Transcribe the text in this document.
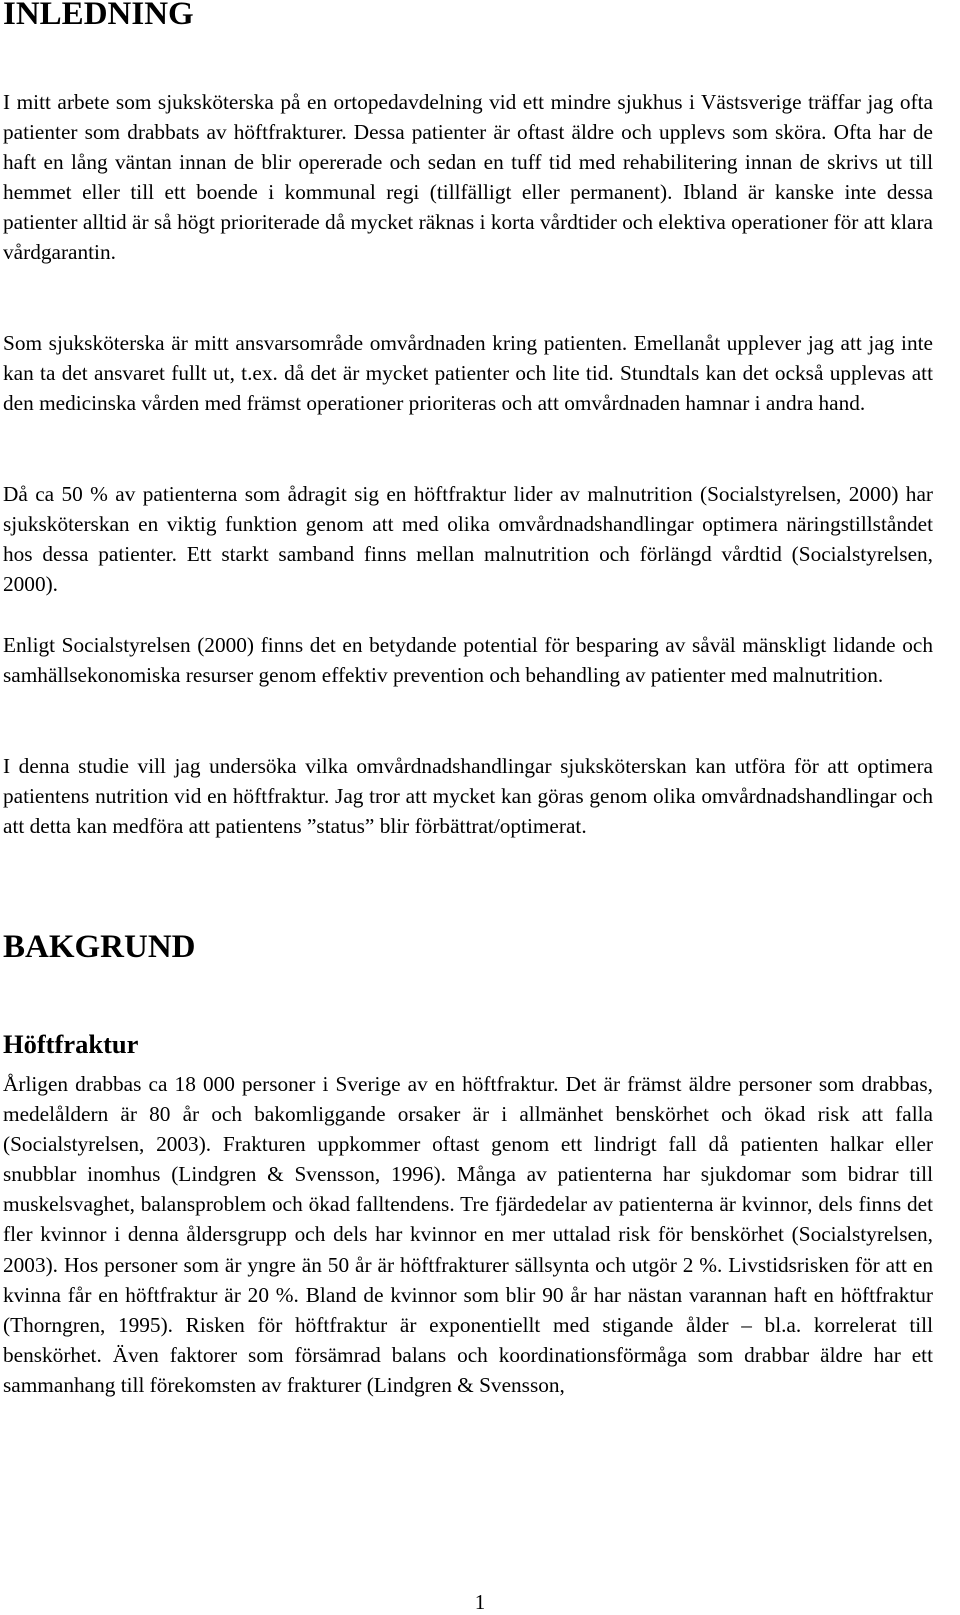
INLEDNING

I mitt arbete som sjuksköterska på en ortopedavdelning vid ett mindre sjukhus i Västsverige träffar jag ofta patienter som drabbats av höftfrakturer. Dessa patienter är oftast äldre och upplevs som sköra. Ofta har de haft en lång väntan innan de blir opererade och sedan en tuff tid med rehabilitering innan de skrivs ut till hemmet eller till ett boende i kommunal regi (tillfälligt eller permanent). Ibland är kanske inte dessa patienter alltid är så högt prioriterade då mycket räknas i korta vårdtider och elektiva operationer för att klara vårdgarantin.

Som sjuksköterska är mitt ansvarsområde omvårdnaden kring patienten. Emellanåt upplever jag att jag inte kan ta det ansvaret fullt ut, t.ex. då det är mycket patienter och lite tid. Stundtals kan det också upplevas att den medicinska vården med främst operationer prioriteras och att omvårdnaden hamnar i andra hand.

Då ca 50 % av patienterna som ådragit sig en höftfraktur lider av malnutrition (Socialstyrelsen, 2000) har sjuksköterskan en viktig funktion genom att med olika omvårdnadshandlingar optimera näringstillståndet hos dessa patienter. Ett starkt samband finns mellan malnutrition och förlängd vårdtid (Socialstyrelsen, 2000).

Enligt Socialstyrelsen (2000) finns det en betydande potential för besparing av såväl mänskligt lidande och samhällsekonomiska resurser genom effektiv prevention och behandling av patienter med malnutrition.

I denna studie vill jag undersöka vilka omvårdnadshandlingar sjuksköterskan kan utföra för att optimera patientens nutrition vid en höftfraktur. Jag tror att mycket kan göras genom olika omvårdnadshandlingar och att detta kan medföra att patientens ”status” blir förbättrat/optimerat.

BAKGRUND
Höftfraktur

Årligen drabbas ca 18 000 personer i Sverige av en höftfraktur. Det är främst äldre personer som drabbas, medelåldern är 80 år och bakomliggande orsaker är i allmänhet benskörhet och ökad risk att falla (Socialstyrelsen, 2003). Frakturen uppkommer oftast genom ett lindrigt fall då patienten halkar eller snubblar inomhus (Lindgren & Svensson, 1996). Många av patienterna har sjukdomar som bidrar till muskelsvaghet, balansproblem och ökad falltendens. Tre fjärdedelar av patienterna är kvinnor, dels finns det fler kvinnor i denna åldersgrupp och dels har kvinnor en mer uttalad risk för benskörhet (Socialstyrelsen, 2003). Hos personer som är yngre än 50 år är höftfrakturer sällsynta och utgör 2 %. Livstidsrisken för att en kvinna får en höftfraktur är 20 %. Bland de kvinnor som blir 90 år har nästan varannan haft en höftfraktur (Thorngren, 1995). Risken för höftfraktur är exponentiellt med stigande ålder – bl.a. korrelerat till benskörhet. Även faktorer som försämrad balans och koordinationsförmåga som drabbar äldre har ett sammanhang till förekomsten av frakturer (Lindgren & Svensson,

1
